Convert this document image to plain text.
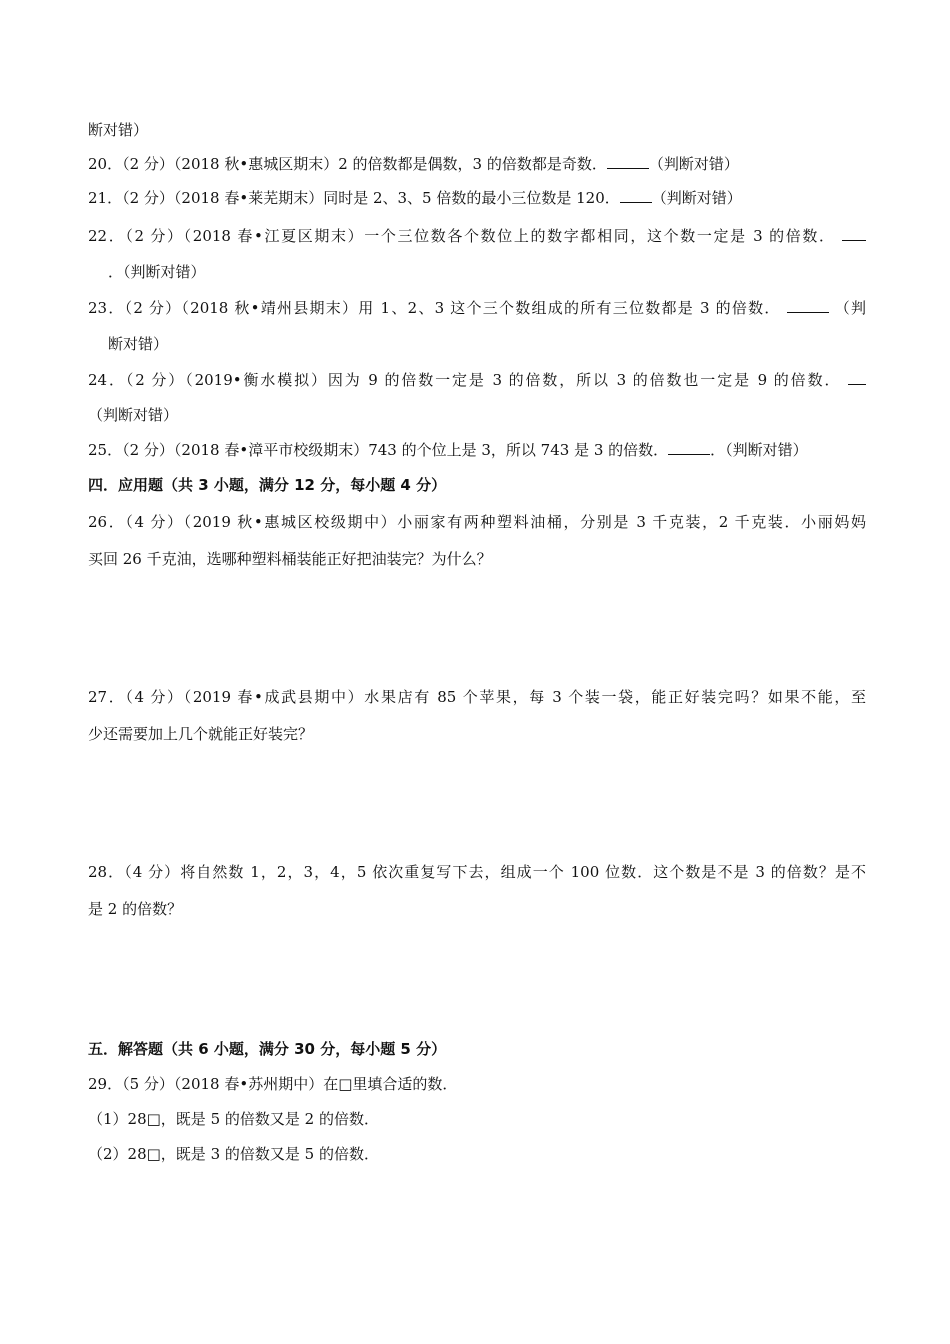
断对错）
20．（2 分）（2018 秋•惠城区期末）2 的倍数都是偶数，3 的倍数都是奇数．	（判断对错）
21．（2 分）（2018 春•莱芜期末）同时是 2、3、5 倍数的最小三位数是 120． （判断对错）
22．（2 分）（2018 春•江夏区期末）一个三位数各个数位上的数字都相同，这个数一定是 3 的倍数．
．（判断对错）
23．（2 分）（2018 秋•靖州县期末）用 1、2、3 这个三个数组成的所有三位数都是 3 的倍数．	（判
断对错）
24．（2 分）（2019•衡水模拟）因为 9 的倍数一定是 3 的倍数，所以 3 的倍数也一定是 9 的倍数．
（判断对错）
25．（2 分）（2018 春•漳平市校级期末）743 的个位上是 3，所以 743 是 3 的倍数．	．（判断对错）
四．应用题（共 3 小题，满分 12 分，每小题 4 分）
26．（4 分）（2019 秋•惠城区校级期中）小丽家有两种塑料油桶，分别是 3 千克装，2 千克装．小丽妈妈
买回 26 千克油，选哪种塑料桶装能正好把油装完？为什么？
27．（4 分）（2019 春•成武县期中）水果店有 85 个苹果，每 3 个装一袋，能正好装完吗？如果不能，至
少还需要加上几个就能正好装完？
28．（4 分）将自然数 1，2，3，4，5 依次重复写下去，组成一个 100 位数．这个数是不是 3 的倍数？是不
是 2 的倍数？
五．解答题（共 6 小题，满分 30 分，每小题 5 分）
29．（5 分）（2018 春•苏州期中）在□里填合适的数．
（1）28□，既是 5 的倍数又是 2 的倍数．
（2）28□，既是 3 的倍数又是 5 的倍数．
